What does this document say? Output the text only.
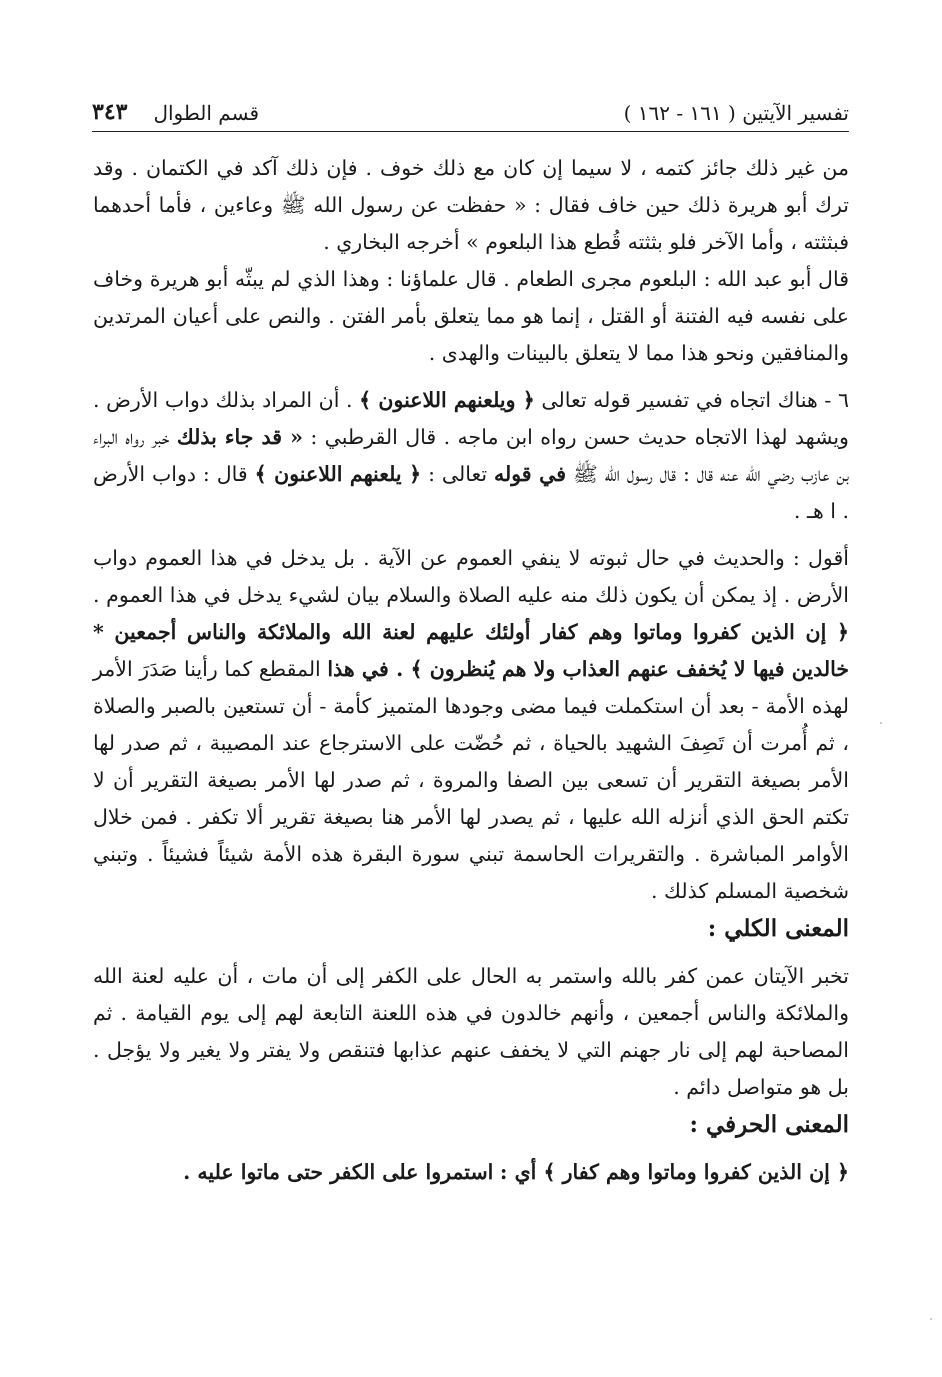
تفسير الآيتين ( ١٦١ - ١٦٢ )
قسم الطوال
٣٤٣

من غير ذلك جائز كتمه ، لا سيما إن كان مع ذلك خوف . فإن ذلك آكد في الكتمان . وقد ترك أبو هريرة ذلك حين خاف فقال : « حفظت عن رسول الله ﷺ وعاءين ، فأما أحدهما فبثثته ، وأما الآخر فلو بثثته قُطع هذا البلعوم » أخرجه البخاري .

قال أبو عبد الله : البلعوم مجرى الطعام . قال علماؤنا : وهذا الذي لم يبثّه أبو هريرة وخاف على نفسه فيه الفتنة أو القتل ، إنما هو مما يتعلق بأمر الفتن . والنص على أعيان المرتدين والمنافقين ونحو هذا مما لا يتعلق بالبينات والهدى .

٦ - هناك اتجاه في تفسير قوله تعالى ﴿ ويلعنهم اللاعنون ﴾ . أن المراد بذلك دواب الأرض . ويشهد لهذا الاتجاه حديث حسن رواه ابن ماجه . قال القرطبي : « قد جاء بذلك خبر رواه البراء بن عازب رضي الله عنه قال : قال رسول الله ﷺ في قوله تعالى : ﴿ يلعنهم اللاعنون ﴾ قال : دواب الأرض . ا هـ .

أقول : والحديث في حال ثبوته لا ينفي العموم عن الآية . بل يدخل في هذا العموم دواب الأرض . إذ يمكن أن يكون ذلك منه عليه الصلاة والسلام بيان لشيء يدخل في هذا العموم . ﴿ إن الذين كفروا وماتوا وهم كفار أولئك عليهم لعنة الله والملائكة والناس أجمعين * خالدين فيها لا يُخفف عنهم العذاب ولا هم يُنظرون ﴾ . في هذا المقطع كما رأينا صَدَرَ الأمر لهذه الأمة - بعد أن استكملت فيما مضى وجودها المتميز كأمة - أن تستعين بالصبر والصلاة ، ثم أُمرت أن تَصِفَ الشهيد بالحياة ، ثم حُضّت على الاسترجاع عند المصيبة ، ثم صدر لها الأمر بصيغة التقرير أن تسعى بين الصفا والمروة ، ثم صدر لها الأمر بصيغة التقرير أن لا تكتم الحق الذي أنزله الله عليها ، ثم يصدر لها الأمر هنا بصيغة تقرير ألا تكفر . فمن خلال الأوامر المباشرة . والتقريرات الحاسمة تبني سورة البقرة هذه الأمة شيئاً فشيئاً . وتبني شخصية المسلم كذلك .

المعنى الكلي :

تخبر الآيتان عمن كفر بالله واستمر به الحال على الكفر إلى أن مات ، أن عليه لعنة الله والملائكة والناس أجمعين ، وأنهم خالدون في هذه اللعنة التابعة لهم إلى يوم القيامة . ثم المصاحبة لهم إلى نار جهنم التي لا يخفف عنهم عذابها فتنقص ولا يفتر ولا يغير ولا يؤجل . بل هو متواصل دائم .

المعنى الحرفي :

﴿ إن الذين كفروا وماتوا وهم كفار ﴾ أي : استمروا على الكفر حتى ماتوا عليه .
